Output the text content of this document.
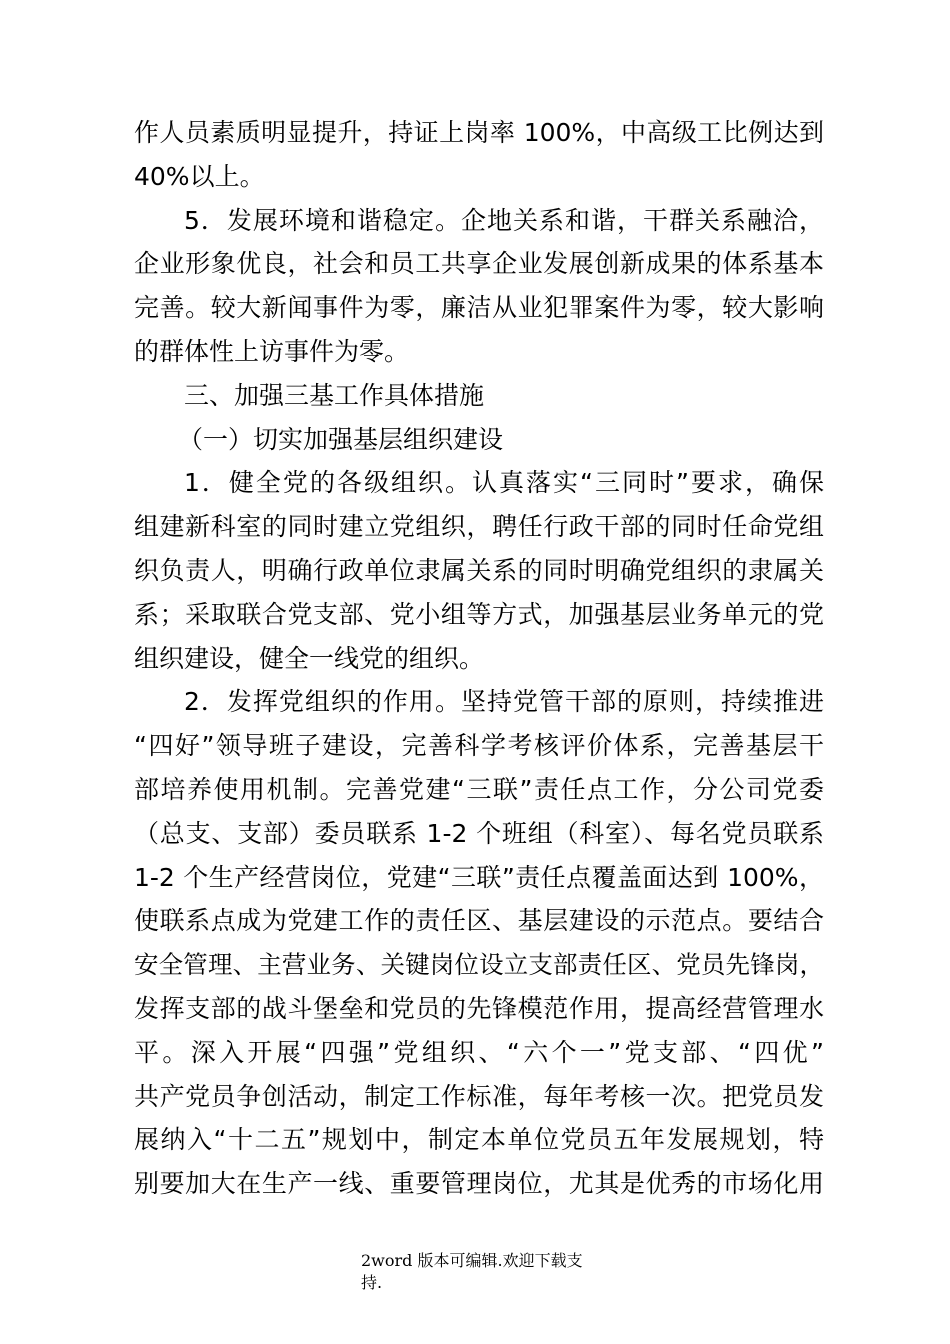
作人员素质明显提升，持证上岗率 100%，中高级工比例达到
40%以上。
5．发展环境和谐稳定。企地关系和谐，干群关系融洽，
企业形象优良，社会和员工共享企业发展创新成果的体系基本
完善。较大新闻事件为零，廉洁从业犯罪案件为零，较大影响
的群体性上访事件为零。
三、加强三基工作具体措施
（一）切实加强基层组织建设
1．健全党的各级组织。认真落实“三同时”要求，确保
组建新科室的同时建立党组织，聘任行政干部的同时任命党组
织负责人，明确行政单位隶属关系的同时明确党组织的隶属关
系；采取联合党支部、党小组等方式，加强基层业务单元的党
组织建设，健全一线党的组织。
2．发挥党组织的作用。坚持党管干部的原则，持续推进
“四好”领导班子建设，完善科学考核评价体系，完善基层干
部培养使用机制。完善党建“三联”责任点工作，分公司党委
（总支、支部）委员联系 1-2 个班组（科室）、每名党员联系
1-2 个生产经营岗位，党建“三联”责任点覆盖面达到 100%，
使联系点成为党建工作的责任区、基层建设的示范点。要结合
安全管理、主营业务、关键岗位设立支部责任区、党员先锋岗，
发挥支部的战斗堡垒和党员的先锋模范作用，提高经营管理水
平。深入开展“四强”党组织、“六个一”党支部、“四优”
共产党员争创活动，制定工作标准，每年考核一次。把党员发
展纳入“十二五”规划中，制定本单位党员五年发展规划，特
别要加大在生产一线、重要管理岗位，尤其是优秀的市场化用
2word 版本可编辑.欢迎下载支
持.
